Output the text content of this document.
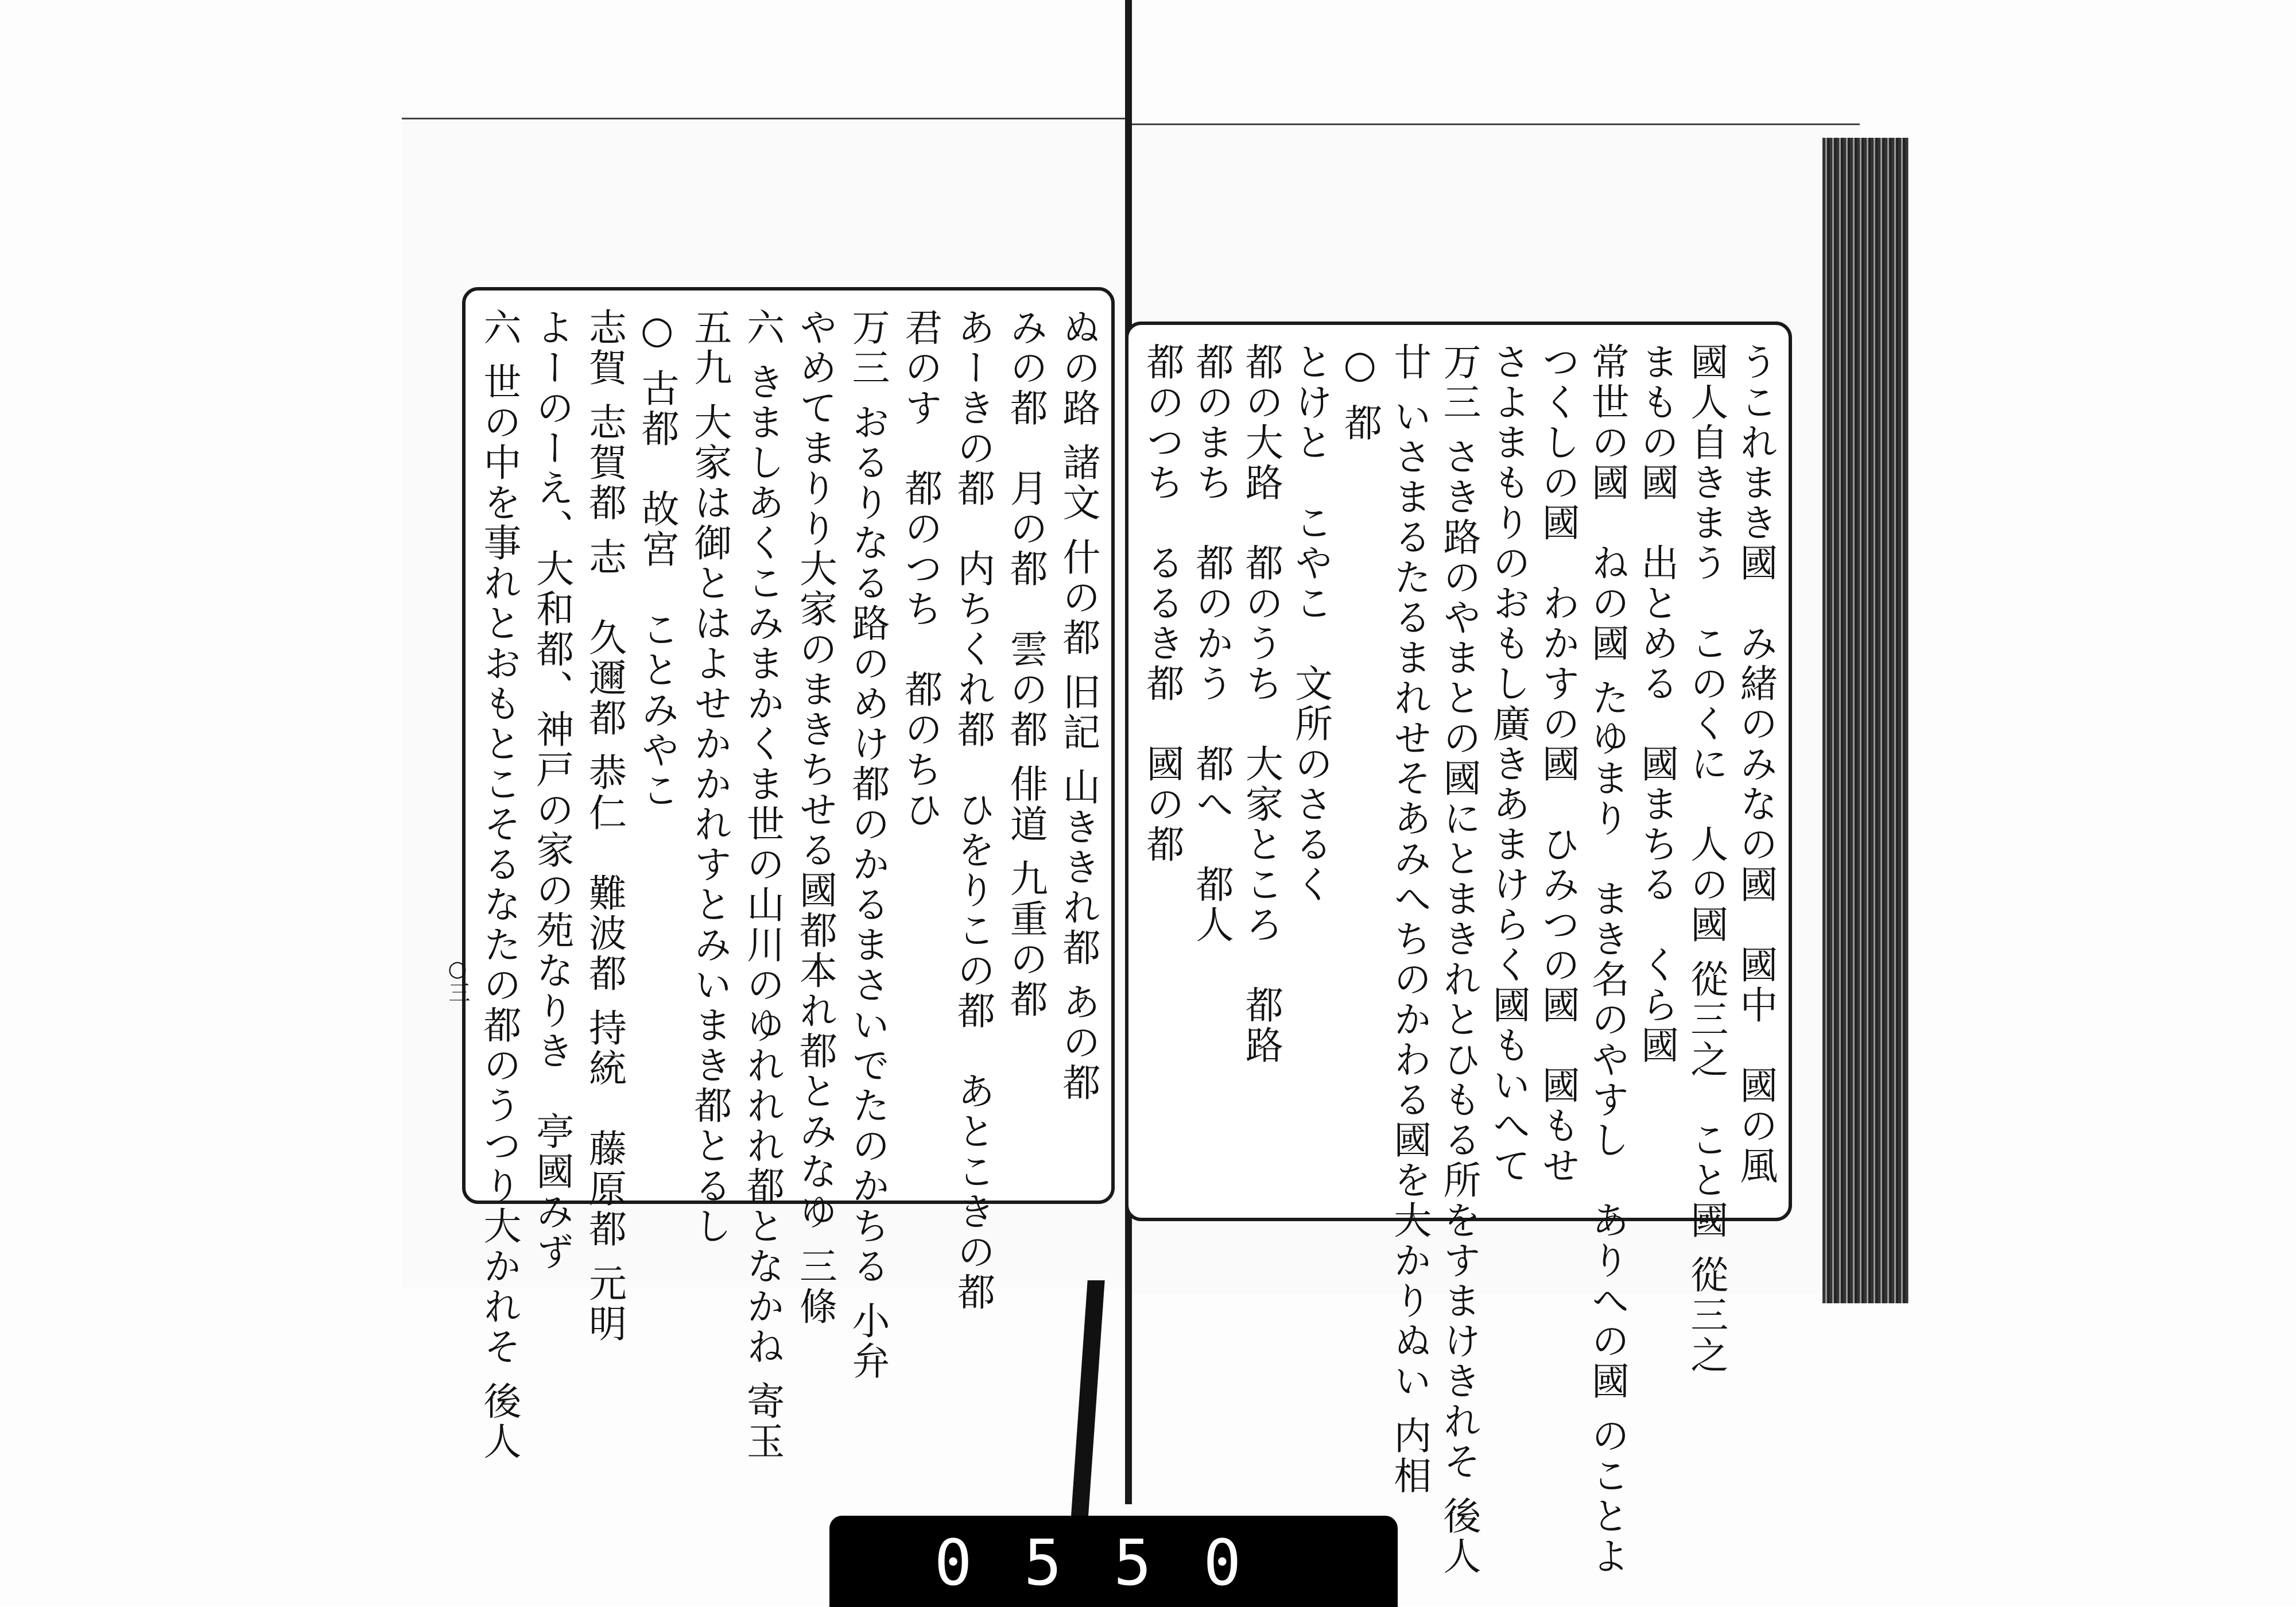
うこれまき國　み緒のみなの國　國中　國の風
國人自きまう　このくに　人の國 從三之　こと國 從三之
まもの國　出とめる　國まちる　くら國
常世の國　ねの國 たゆまり　まき名のやすし　ありへの國 のことよ
つくしの國　わかすの國　ひみつの國　國もせ
さよまもりのおもし廣きあまけらく國もいへて
万三 さき路のやまとの國にとまきれとひもる所をすまけきれそ 後人
廿 いさまるたるまれせそあみへちのかわる國を大かりぬい 内相
○ 都
とけと　こやこ　文所のさるく
都の大路　都のうち　大家ところ　都路
都のまち　都のかう　都へ　都人
都のつち　るるき都　國の都
ぬの路 諸文 什の都 旧記 山ききれ都 あの都
みの都　月の都　雲の都 俳道 九重の都
あーきの都　内ちくれ都　ひをりこの都　あとこきの都
君のす　都のつち　都のちひ
万三 おるりなる路のめけ都のかるまさいでたのかちる 小弁
やめてまりり大家のまきちせる國都本れ都とみなゆ 三條
六 きましあくこみまかくま世の山川のゆれれれ都となかね 寄玉
五九 大家は御とはよせかかれすとみいまき都とるし
○ 古都　故宮　ことみやこ
志賀 志賀都 志　久邇都 恭仁　難波都 持統　藤原都 元明
よーのーえ、大和都、神戸の家の苑なりき　亭國みず
六 世の中を事れとおもとこそるなたの都のうつり大かれそ 後人
○三
0550
